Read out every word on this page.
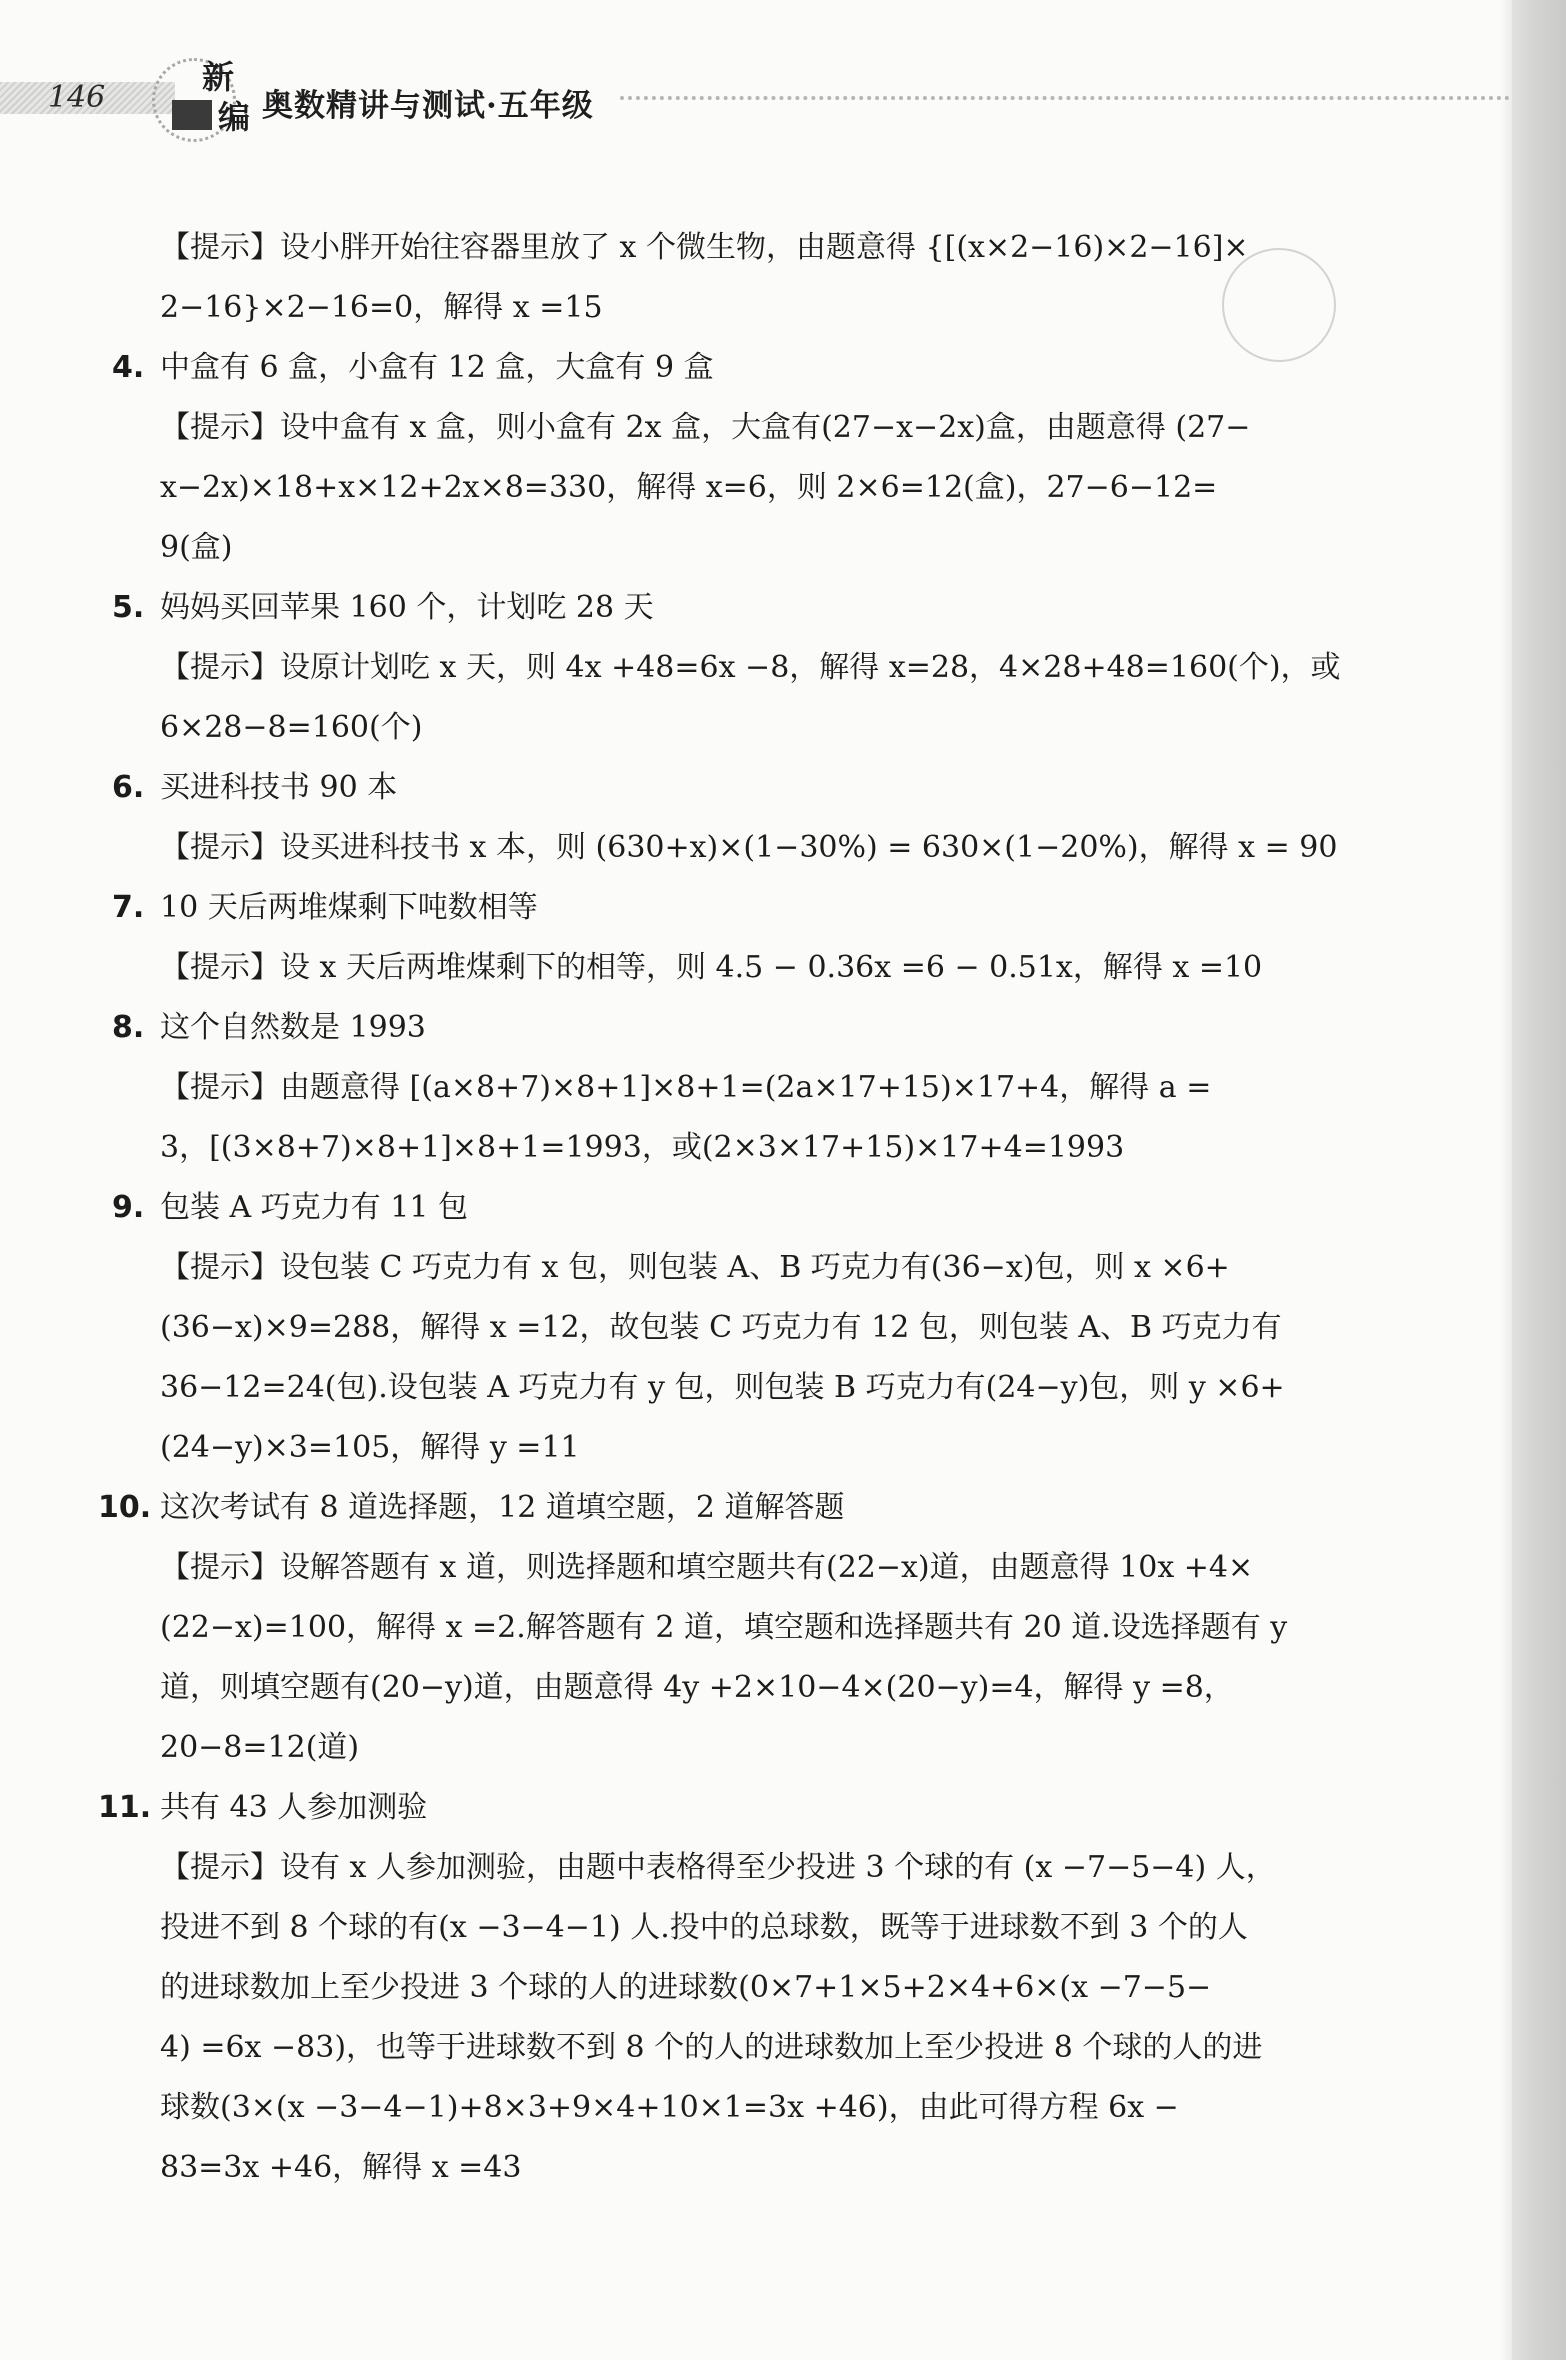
146
新
编 奥数精讲与测试·五年级
【提示】设小胖开始往容器里放了 x 个微生物，由题意得 {[(x×2−16)×2−16]×
2−16}×2−16=0，解得 x =15
4. 中盒有 6 盒，小盒有 12 盒，大盒有 9 盒
【提示】设中盒有 x 盒，则小盒有 2x 盒，大盒有(27−x−2x)盒，由题意得 (27−
x−2x)×18+x×12+2x×8=330，解得 x=6，则 2×6=12(盒)，27−6−12=
9(盒)
5. 妈妈买回苹果 160 个，计划吃 28 天
【提示】设原计划吃 x 天，则 4x +48=6x −8，解得 x=28，4×28+48=160(个)，或
6×28−8=160(个)
6. 买进科技书 90 本
【提示】设买进科技书 x 本，则 (630+x)×(1−30%) = 630×(1−20%)，解得 x = 90
7. 10 天后两堆煤剩下吨数相等
【提示】设 x 天后两堆煤剩下的相等，则 4.5 − 0.36x =6 − 0.51x，解得 x =10
8. 这个自然数是 1993
【提示】由题意得 [(a×8+7)×8+1]×8+1=(2a×17+15)×17+4，解得 a =
3，[(3×8+7)×8+1]×8+1=1993，或(2×3×17+15)×17+4=1993
9. 包装 A 巧克力有 11 包
【提示】设包装 C 巧克力有 x 包，则包装 A、B 巧克力有(36−x)包，则 x ×6+
(36−x)×9=288，解得 x =12，故包装 C 巧克力有 12 包，则包装 A、B 巧克力有
36−12=24(包).设包装 A 巧克力有 y 包，则包装 B 巧克力有(24−y)包，则 y ×6+
(24−y)×3=105，解得 y =11
10. 这次考试有 8 道选择题，12 道填空题，2 道解答题
【提示】设解答题有 x 道，则选择题和填空题共有(22−x)道，由题意得 10x +4×
(22−x)=100，解得 x =2.解答题有 2 道，填空题和选择题共有 20 道.设选择题有 y
道，则填空题有(20−y)道，由题意得 4y +2×10−4×(20−y)=4，解得 y =8，
20−8=12(道)
11. 共有 43 人参加测验
【提示】设有 x 人参加测验，由题中表格得至少投进 3 个球的有 (x −7−5−4) 人，
投进不到 8 个球的有(x −3−4−1) 人.投中的总球数，既等于进球数不到 3 个的人
的进球数加上至少投进 3 个球的人的进球数(0×7+1×5+2×4+6×(x −7−5−
4) =6x −83)，也等于进球数不到 8 个的人的进球数加上至少投进 8 个球的人的进
球数(3×(x −3−4−1)+8×3+9×4+10×1=3x +46)，由此可得方程 6x −
83=3x +46，解得 x =43
